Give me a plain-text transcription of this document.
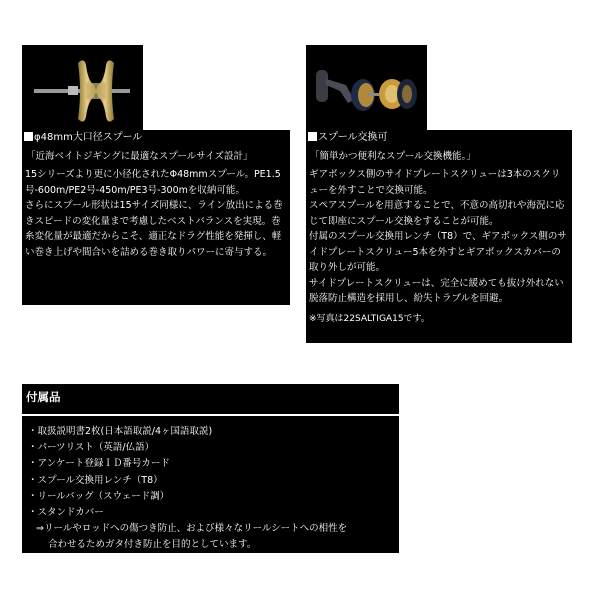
φ48mm大口径スプール
「近海ベイトジギングに最適なスプールサイズ設計」

15シリーズより更に小径化されたΦ48mmスプール。PE1.5号-600m/PE2号-450m/PE3号-300mを収納可能。

さらにスプール形状は15サイズ同様に、ライン放出による巻きスピードの変化量まで考慮したベストバランスを実現。巻糸変化量が最適だからこそ、適正なドラグ性能を発揮し、軽い巻き上げや間合いを詰める巻き取りパワーに寄与する。

スプール交換可
「簡単かつ便利なスプール交換機能。」

ギアボックス側のサイドプレートスクリューは3本のスクリューを外すことで交換可能。

スペアスプールを用意することで、不意の高切れや海況に応じて即座にスプール交換をすることが可能。

付属のスプール交換用レンチ（T8）で、ギアボックス側のサイドプレートスクリュー5本を外すとギアボックスカバーの取り外しが可能。

サイドプレートスクリューは、完全に緩めても抜け外れない脱落防止構造を採用し、紛失トラブルを回避。

※写真は22SALTIGA15です。
付属品
・取扱説明書2枚(日本語取説/4ヶ国語取説)
・パーツリスト（英語/仏語）
・アンケート登録ＩＤ番号カード
・スプール交換用レンチ（T8）
・リールバッグ（スウェード調）
・スタンドカバー
⇒リールやロッドへの傷つき防止、および様々なリールシートへの相性を
合わせるためガタ付き防止を目的としています。
